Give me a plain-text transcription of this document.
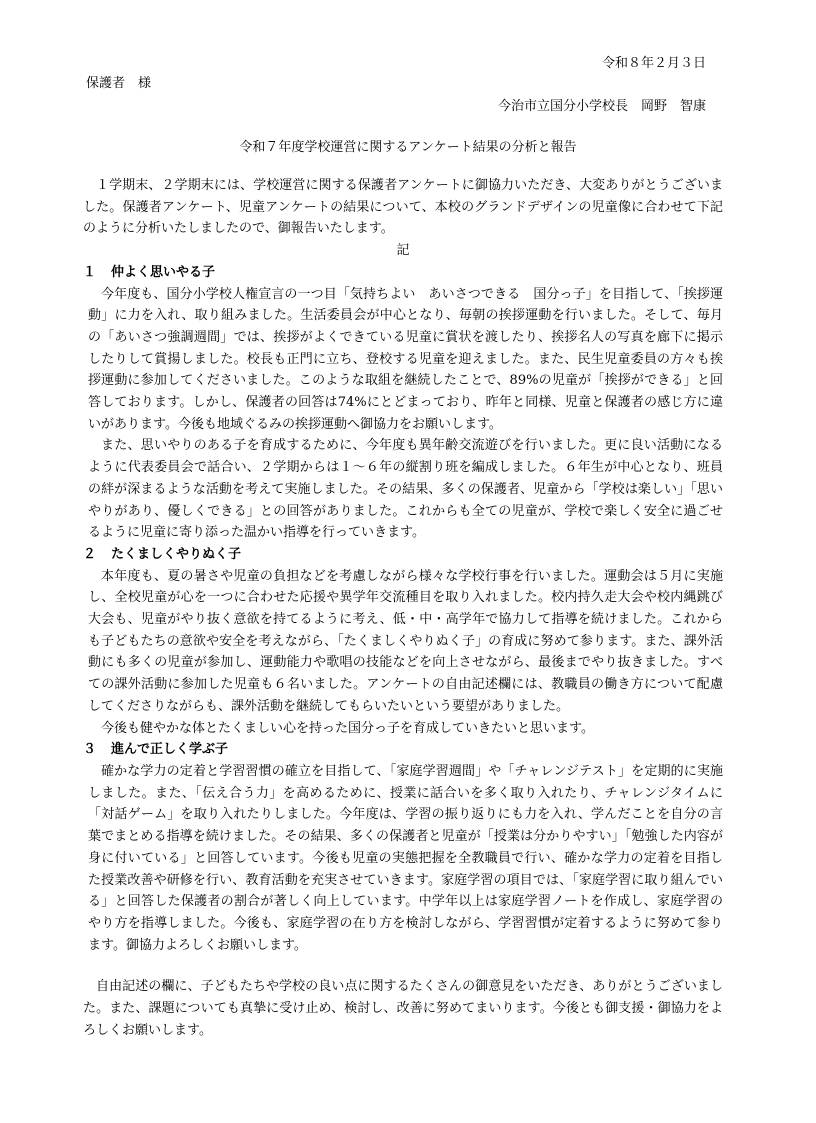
令和８年２月３日
保護者　様
今治市立国分小学校長　岡野　智康
令和７年度学校運営に関するアンケート結果の分析と報告

１学期末、２学期末には、学校運営に関する保護者アンケートに御協力いただき、大変ありがとうございました。保護者アンケート、児童アンケートの結果について、本校のグランドデザインの児童像に合わせて下記のように分析いたしましたので、御報告いたします。

記
１ 仲よく思いやる子

今年度も、国分小学校人権宣言の一つ目「気持ちよい　あいさつできる　国分っ子」を目指して、「挨拶運動」に力を入れ、取り組みました。生活委員会が中心となり、毎朝の挨拶運動を行いました。そして、毎月の「あいさつ強調週間」では、挨拶がよくできている児童に賞状を渡したり、挨拶名人の写真を廊下に掲示したりして賞揚しました。校長も正門に立ち、登校する児童を迎えました。また、民生児童委員の方々も挨拶運動に参加してくださいました。このような取組を継続したことで、89%の児童が「挨拶ができる」と回答しております。しかし、保護者の回答は74%にとどまっており、昨年と同様、児童と保護者の感じ方に違いがあります。今後も地域ぐるみの挨拶運動へ御協力をお願いします。

また、思いやりのある子を育成するために、今年度も異年齢交流遊びを行いました。更に良い活動になるように代表委員会で話合い、２学期からは１～６年の縦割り班を編成しました。６年生が中心となり、班員の絆が深まるような活動を考えて実施しました。その結果、多くの保護者、児童から「学校は楽しい」「思いやりがあり、優しくできる」との回答がありました。これからも全ての児童が、学校で楽しく安全に過ごせるように児童に寄り添った温かい指導を行っていきます。

２ たくましくやりぬく子

本年度も、夏の暑さや児童の負担などを考慮しながら様々な学校行事を行いました。運動会は５月に実施し、全校児童が心を一つに合わせた応援や異学年交流種目を取り入れました。校内持久走大会や校内縄跳び大会も、児童がやり抜く意欲を持てるように考え、低・中・高学年で協力して指導を続けました。これからも子どもたちの意欲や安全を考えながら、「たくましくやりぬく子」の育成に努めて参ります。また、課外活動にも多くの児童が参加し、運動能力や歌唱の技能などを向上させながら、最後までやり抜きました。すべての課外活動に参加した児童も６名いました。アンケートの自由記述欄には、教職員の働き方について配慮してくださりながらも、課外活動を継続してもらいたいという要望がありました。

今後も健やかな体とたくましい心を持った国分っ子を育成していきたいと思います。

３ 進んで正しく学ぶ子

確かな学力の定着と学習習慣の確立を目指して、「家庭学習週間」や「チャレンジテスト」を定期的に実施しました。また、「伝え合う力」を高めるために、授業に話合いを多く取り入れたり、チャレンジタイムに「対話ゲーム」を取り入れたりしました。今年度は、学習の振り返りにも力を入れ、学んだことを自分の言葉でまとめる指導を続けました。その結果、多くの保護者と児童が「授業は分かりやすい」「勉強した内容が身に付いている」と回答しています。今後も児童の実態把握を全教職員で行い、確かな学力の定着を目指した授業改善や研修を行い、教育活動を充実させていきます。家庭学習の項目では、「家庭学習に取り組んでいる」と回答した保護者の割合が著しく向上しています。中学年以上は家庭学習ノートを作成し、家庭学習のやり方を指導しました。今後も、家庭学習の在り方を検討しながら、学習習慣が定着するように努めて参ります。御協力よろしくお願いします。

自由記述の欄に、子どもたちや学校の良い点に関するたくさんの御意見をいただき、ありがとうございました。また、課題についても真摯に受け止め、検討し、改善に努めてまいります。今後とも御支援・御協力をよろしくお願いします。
